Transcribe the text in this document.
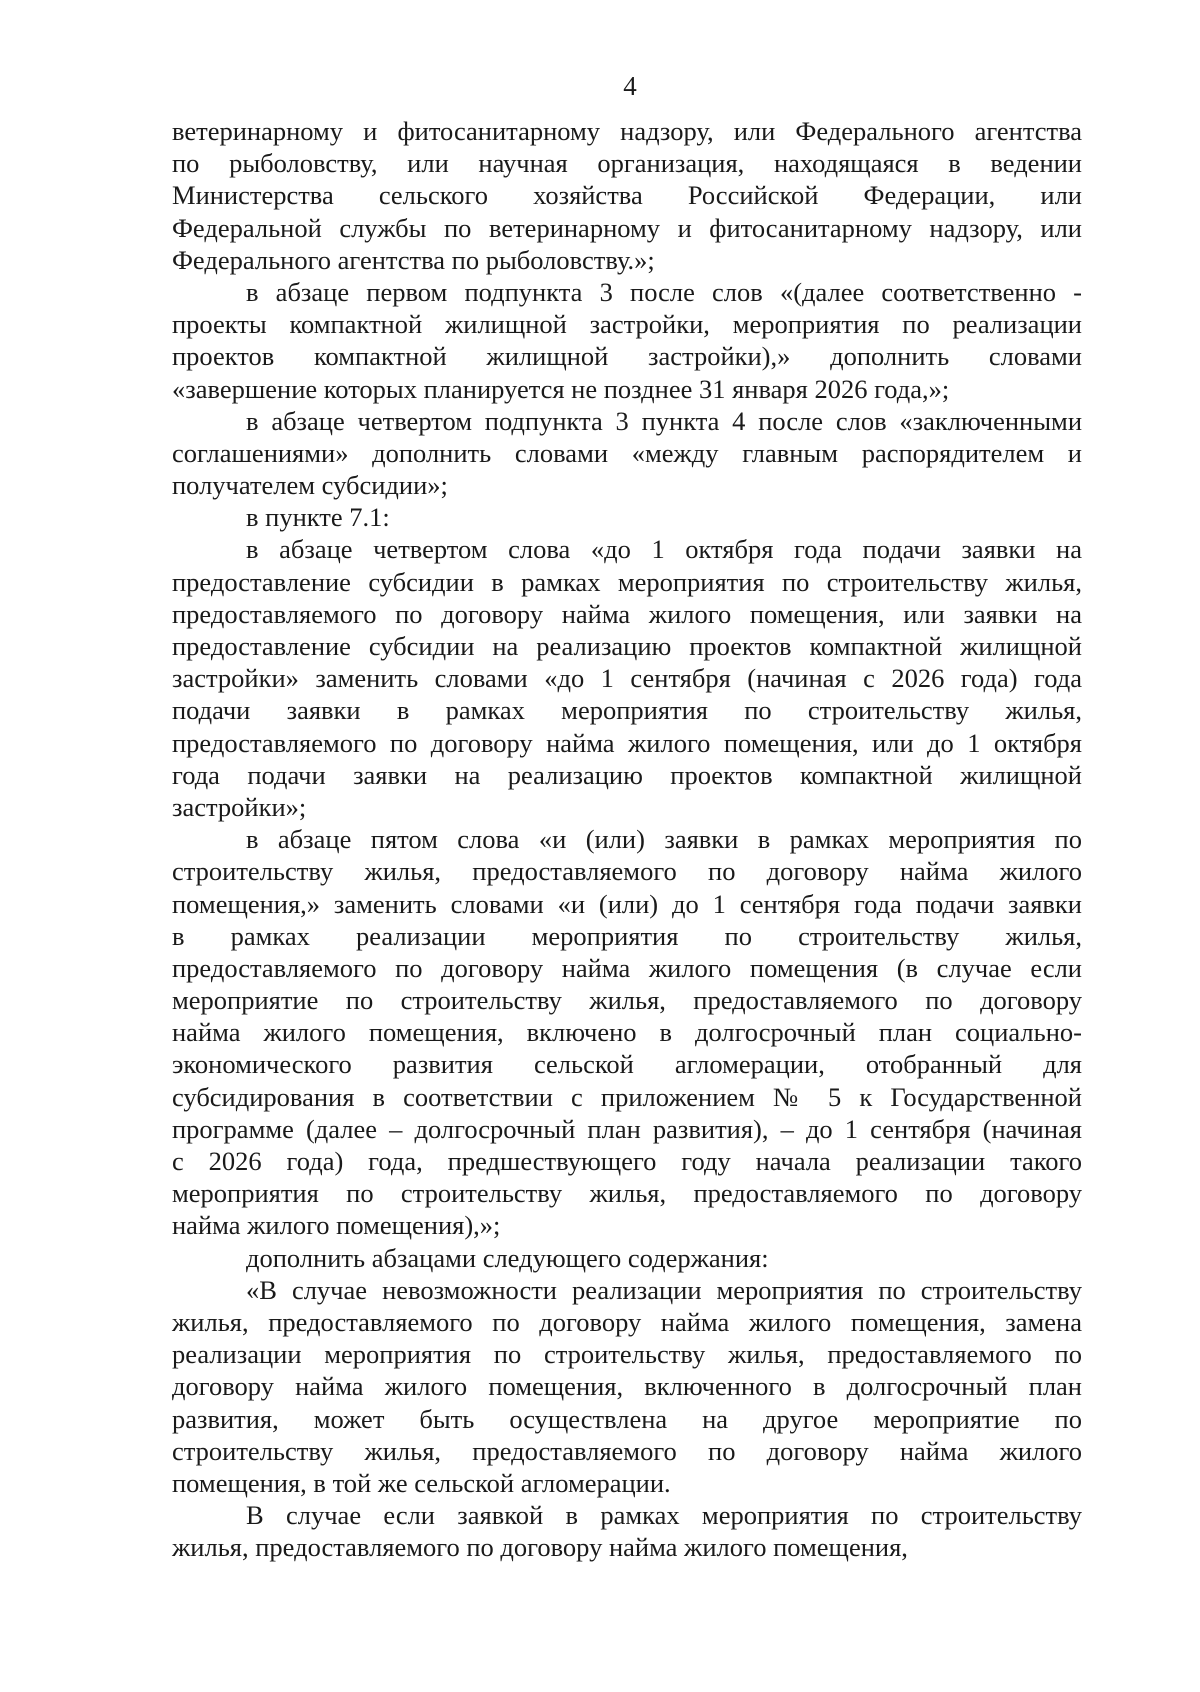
4
ветеринарному и фитосанитарному надзору, или Федерального агентства
по рыболовству, или научная организация, находящаяся в ведении
Министерства сельского хозяйства Российской Федерации, или
Федеральной службы по ветеринарному и фитосанитарному надзору, или
Федерального агентства по рыболовству.»;
в абзаце первом подпункта 3 после слов «(далее соответственно -
проекты компактной жилищной застройки, мероприятия по реализации
проектов компактной жилищной застройки),» дополнить словами
«завершение которых планируется не позднее 31 января 2026 года,»;
в абзаце четвертом подпункта 3 пункта 4 после слов «заключенными
соглашениями» дополнить словами «между главным распорядителем и
получателем субсидии»;
в пункте 7.1:
в абзаце четвертом слова «до 1 октября года подачи заявки на
предоставление субсидии в рамках мероприятия по строительству жилья,
предоставляемого по договору найма жилого помещения, или заявки на
предоставление субсидии на реализацию проектов компактной жилищной
застройки» заменить словами «до 1 сентября (начиная с 2026 года) года
подачи заявки в рамках мероприятия по строительству жилья,
предоставляемого по договору найма жилого помещения, или до 1 октября
года подачи заявки на реализацию проектов компактной жилищной
застройки»;
в абзаце пятом слова «и (или) заявки в рамках мероприятия по
строительству жилья, предоставляемого по договору найма жилого
помещения,» заменить словами «и (или) до 1 сентября года подачи заявки
в рамках реализации мероприятия по строительству жилья,
предоставляемого по договору найма жилого помещения (в случае если
мероприятие по строительству жилья, предоставляемого по договору
найма жилого помещения, включено в долгосрочный план социально-
экономического развития сельской агломерации, отобранный для
субсидирования в соответствии с приложением № 5 к Государственной
программе (далее – долгосрочный план развития), – до 1 сентября (начиная
с 2026 года) года, предшествующего году начала реализации такого
мероприятия по строительству жилья, предоставляемого по договору
найма жилого помещения),»;
дополнить абзацами следующего содержания:
«В случае невозможности реализации мероприятия по строительству
жилья, предоставляемого по договору найма жилого помещения, замена
реализации мероприятия по строительству жилья, предоставляемого по
договору найма жилого помещения, включенного в долгосрочный план
развития, может быть осуществлена на другое мероприятие по
строительству жилья, предоставляемого по договору найма жилого
помещения, в той же сельской агломерации.
В случае если заявкой в рамках мероприятия по строительству
жилья, предоставляемого по договору найма жилого помещения,
